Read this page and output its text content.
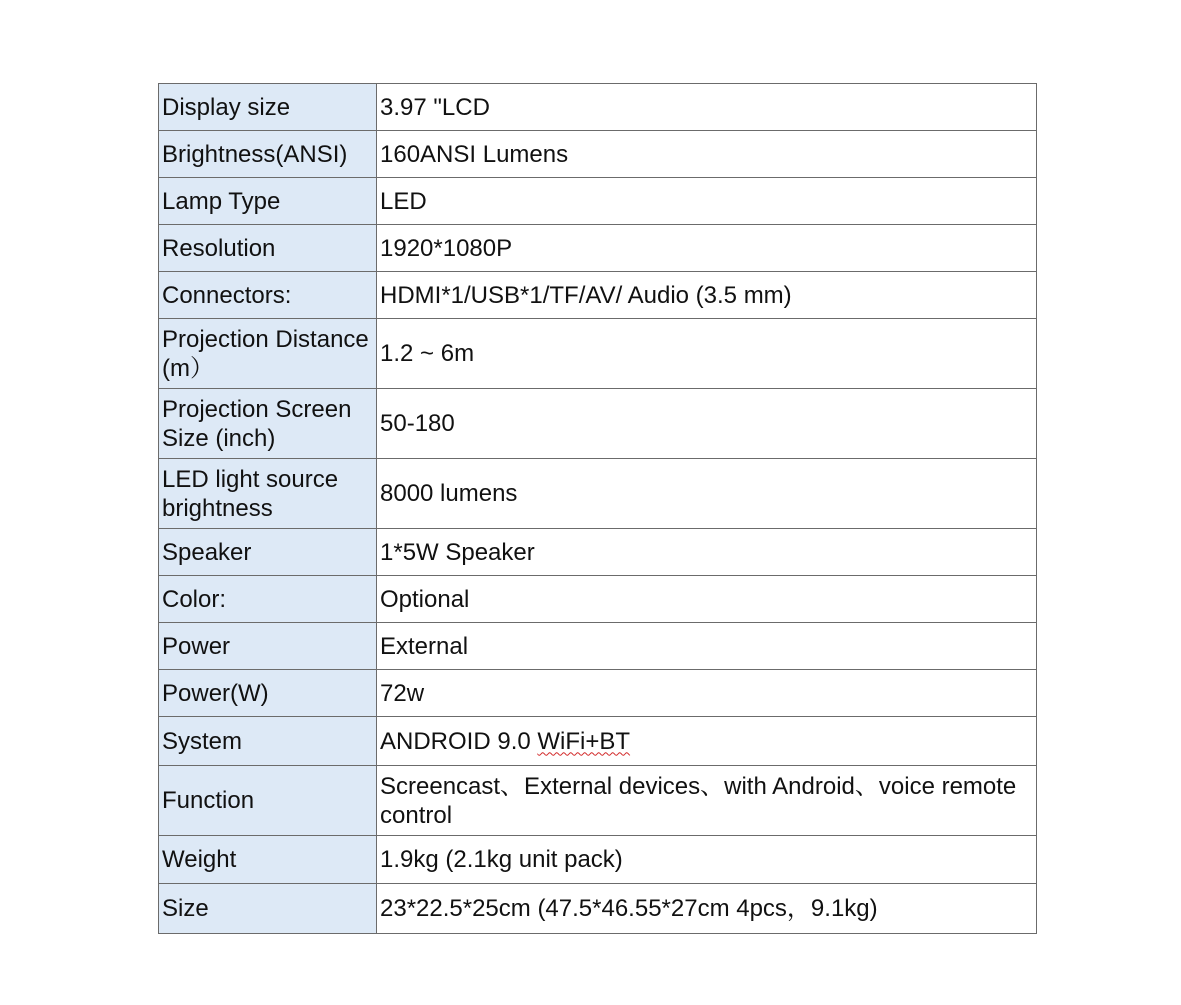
Display size	3.97 "LCD
Brightness(ANSI)	160ANSI Lumens
Lamp Type	LED
Resolution	1920*1080P
Connectors:	HDMI*1/USB*1/TF/AV/ Audio (3.5 mm)
Projection Distance (m）	1.2 ~ 6m
Projection Screen Size (inch)	50-180
LED light source brightness	8000 lumens
Speaker	1*5W Speaker
Color:	Optional
Power	External
Power(W)	72w
System	ANDROID 9.0 WiFi+BT
Function	Screencast、External devices、with Android、voice remote control
Weight	1.9kg (2.1kg unit pack)
Size	23*22.5*25cm (47.5*46.55*27cm 4pcs，9.1kg)
